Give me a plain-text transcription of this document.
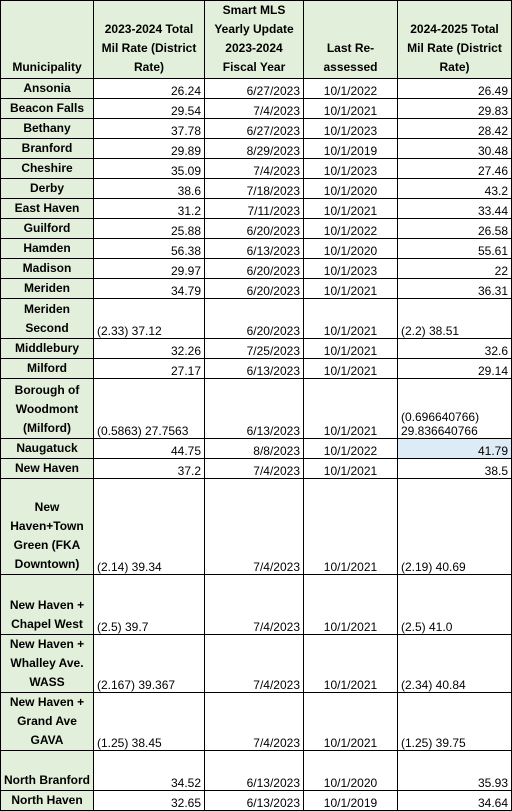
Municipality	2023-2024 Total Mil Rate (District Rate)	Smart MLS Yearly Update 2023-2024 Fiscal Year	Last Re-assessed	2024-2025 Total Mil Rate (District Rate)
Ansonia	26.24	6/27/2023	10/1/2022	26.49
Beacon Falls	29.54	7/4/2023	10/1/2021	29.83
Bethany	37.78	6/27/2023	10/1/2023	28.42
Branford	29.89	8/29/2023	10/1/2019	30.48
Cheshire	35.09	7/4/2023	10/1/2023	27.46
Derby	38.6	7/18/2023	10/1/2020	43.2
East Haven	31.2	7/11/2023	10/1/2021	33.44
Guilford	25.88	6/20/2023	10/1/2022	26.58
Hamden	56.38	6/13/2023	10/1/2020	55.61
Madison	29.97	6/20/2023	10/1/2023	22
Meriden	34.79	6/20/2023	10/1/2021	36.31
Meriden Second	(2.33) 37.12	6/20/2023	10/1/2021	(2.2) 38.51
Middlebury	32.26	7/25/2023	10/1/2021	32.6
Milford	27.17	6/13/2023	10/1/2021	29.14
Borough of Woodmont (Milford)	(0.5863) 27.7563	6/13/2023	10/1/2021	(0.696640766) 29.836640766
Naugatuck	44.75	8/8/2023	10/1/2022	41.79
New Haven	37.2	7/4/2023	10/1/2021	38.5
New Haven+Town Green (FKA Downtown)	(2.14) 39.34	7/4/2023	10/1/2021	(2.19) 40.69
New Haven + Chapel West	(2.5) 39.7	7/4/2023	10/1/2021	(2.5) 41.0
New Haven + Whalley Ave. WASS	(2.167) 39.367	7/4/2023	10/1/2021	(2.34) 40.84
New Haven + Grand Ave GAVA	(1.25) 38.45	7/4/2023	10/1/2021	(1.25) 39.75
North Branford	34.52	6/13/2023	10/1/2020	35.93
North Haven	32.65	6/13/2023	10/1/2019	34.64
